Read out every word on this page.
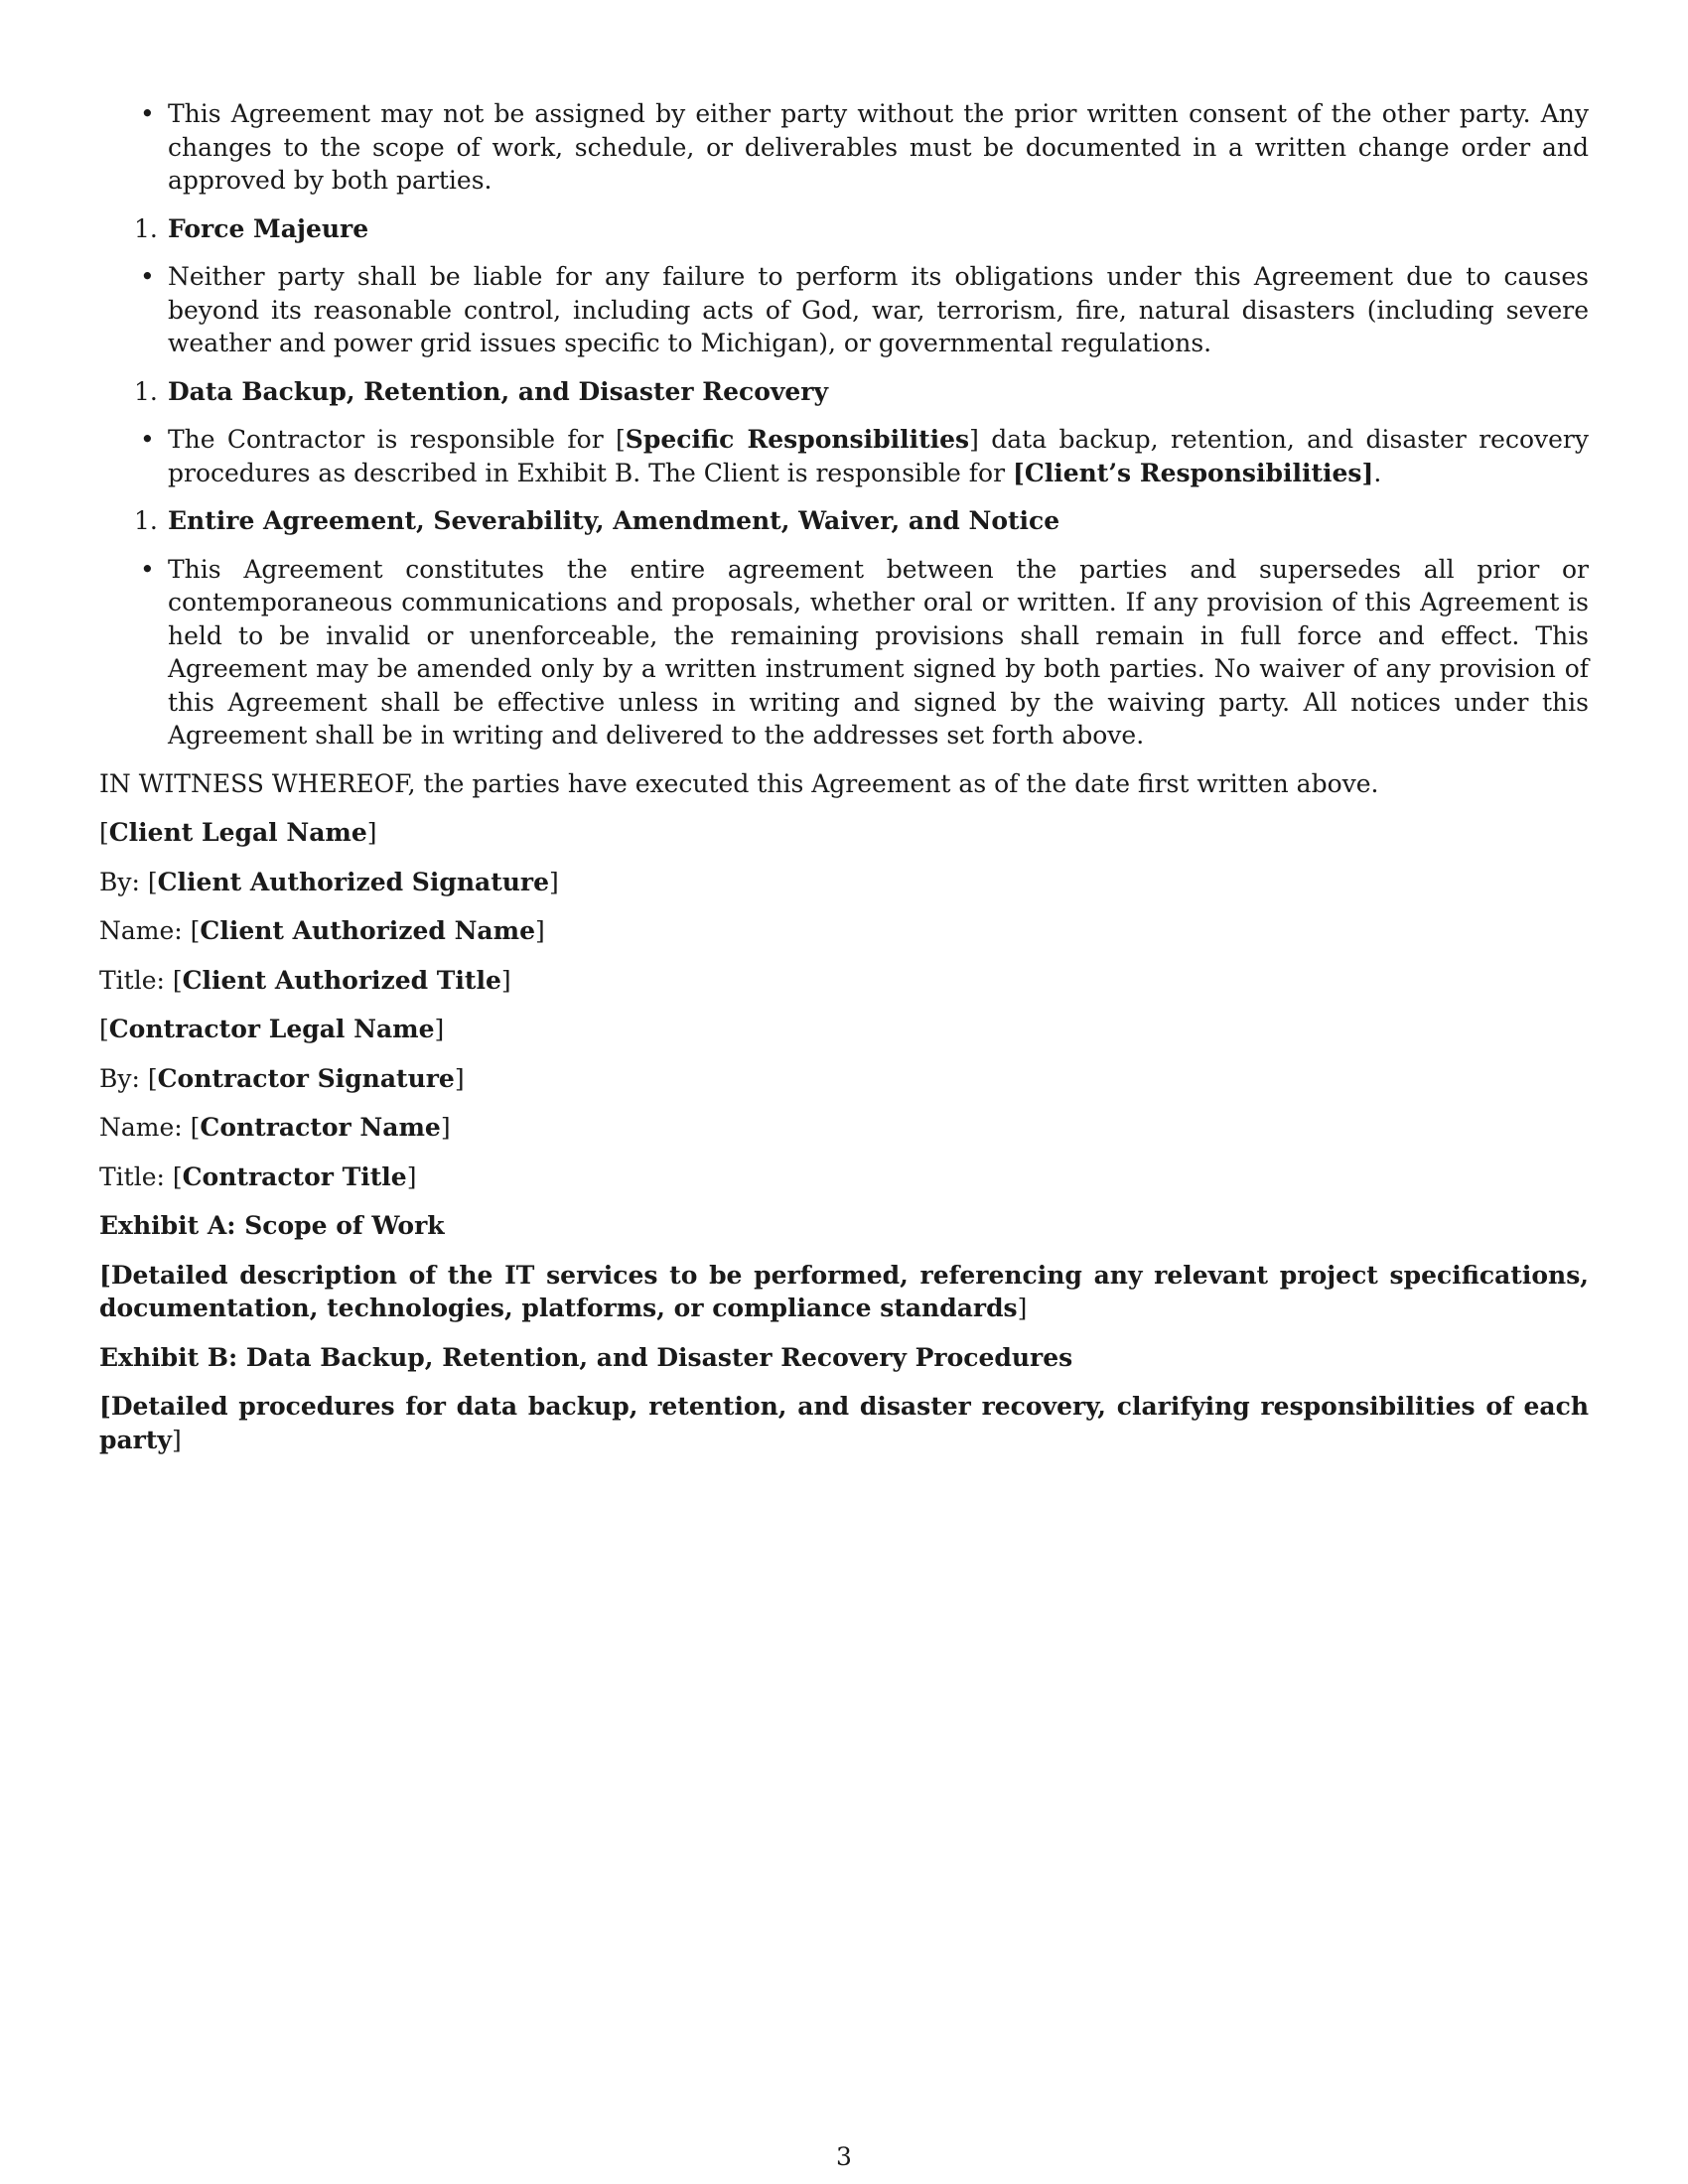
• This Agreement may not be assigned by either party without the prior written consent of the other party. Any changes to the scope of work, schedule, or deliverables must be documented in a written change order and approved by both parties.
1. Force Majeure
• Neither party shall be liable for any failure to perform its obligations under this Agreement due to causes beyond its reasonable control, including acts of God, war, terrorism, fire, natural disasters (including severe weather and power grid issues specific to Michigan), or governmental regulations.
1. Data Backup, Retention, and Disaster Recovery
• The Contractor is responsible for [Specific Responsibilities] data backup, retention, and disaster recovery procedures as described in Exhibit B. The Client is responsible for [Client’s Responsibilities].
1. Entire Agreement, Severability, Amendment, Waiver, and Notice
• This Agreement constitutes the entire agreement between the parties and supersedes all prior or contemporaneous communications and proposals, whether oral or written. If any provision of this Agreement is held to be invalid or unenforceable, the remaining provisions shall remain in full force and effect. This Agreement may be amended only by a written instrument signed by both parties. No waiver of any provision of this Agreement shall be effective unless in writing and signed by the waiving party. All notices under this Agreement shall be in writing and delivered to the addresses set forth above.

IN WITNESS WHEREOF, the parties have executed this Agreement as of the date first written above.

[Client Legal Name]

By: [Client Authorized Signature]

Name: [Client Authorized Name]

Title: [Client Authorized Title]

[Contractor Legal Name]

By: [Contractor Signature]

Name: [Contractor Name]

Title: [Contractor Title]

Exhibit A: Scope of Work

[Detailed description of the IT services to be performed, referencing any relevant project specifications, documentation, technologies, platforms, or compliance standards]

Exhibit B: Data Backup, Retention, and Disaster Recovery Procedures

[Detailed procedures for data backup, retention, and disaster recovery, clarifying responsibilities of each party]

3
